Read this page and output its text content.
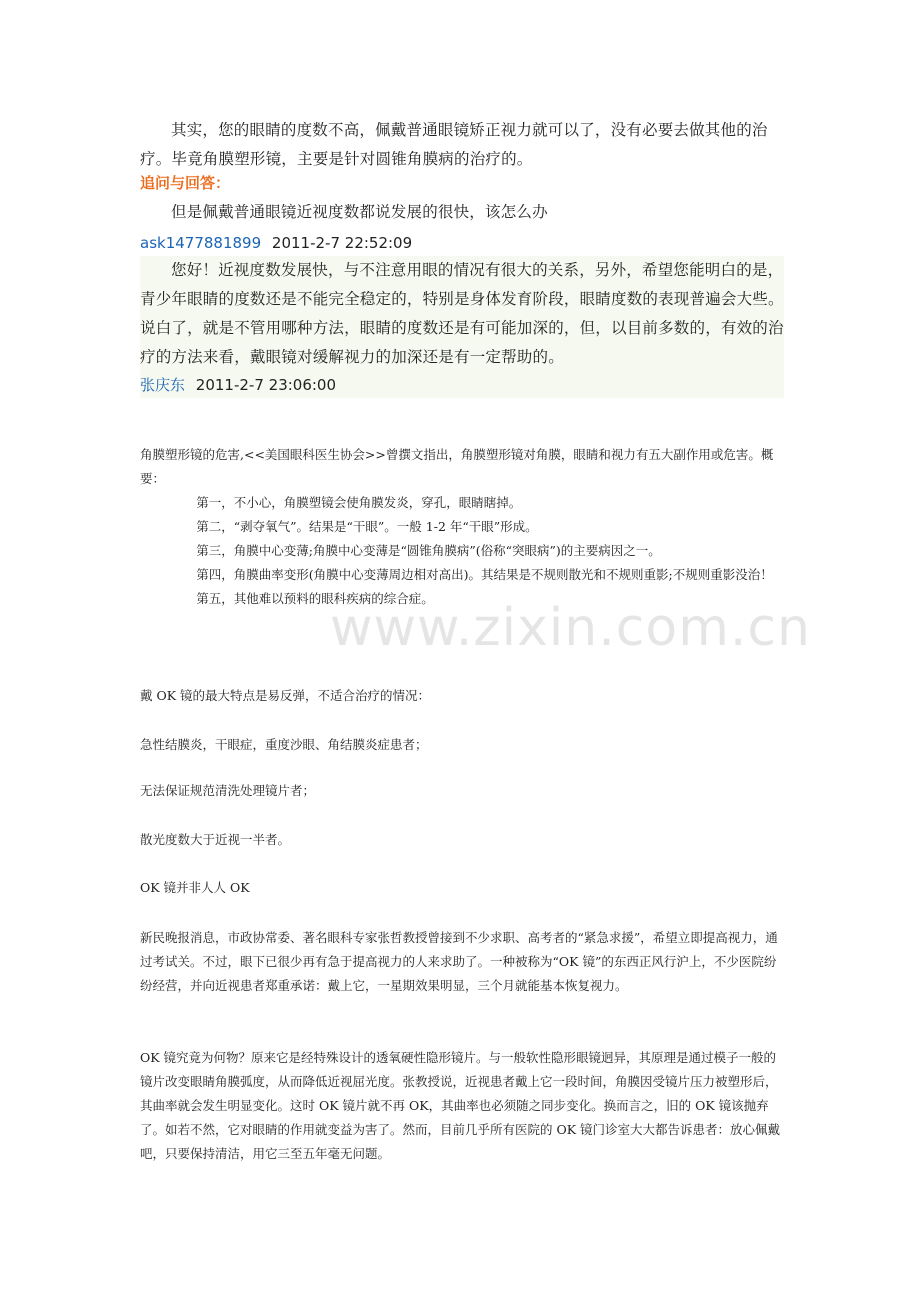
其实，您的眼睛的度数不高，佩戴普通眼镜矫正视力就可以了，没有必要去做其他的治疗。毕竟角膜塑形镜，主要是针对圆锥角膜病的治疗的。

追问与回答：

但是佩戴普通眼镜近视度数都说发展的很快，该怎么办

ask1477881899 2011-2-7 22:52:09

您好！近视度数发展快，与不注意用眼的情况有很大的关系，另外，希望您能明白的是，青少年眼睛的度数还是不能完全稳定的，特别是身体发育阶段，眼睛度数的表现普遍会大些。说白了，就是不管用哪种方法，眼睛的度数还是有可能加深的，但，以目前多数的，有效的治疗的方法来看，戴眼镜对缓解视力的加深还是有一定帮助的。

张庆东 2011-2-7 23:06:00

角膜塑形镜的危害,<<美国眼科医生协会>>曾撰文指出，角膜塑形镜对角膜，眼睛和视力有五大副作用或危害。概要：

第一，不小心，角膜塑镜会使角膜发炎，穿孔，眼睛瞎掉。

第二，“剥夺氧气”。结果是“干眼”。一般 1-2 年“干眼”形成。

第三，角膜中心变薄;角膜中心变薄是“圆锥角膜病”(俗称“突眼病”)的主要病因之一。

第四，角膜曲率变形(角膜中心变薄周边相对高出)。其结果是不规则散光和不规则重影;不规则重影没治！

第五，其他难以预料的眼科疾病的综合症。

戴 OK 镜的最大特点是易反弹，不适合治疗的情况：

急性结膜炎，干眼症，重度沙眼、角结膜炎症患者；

无法保证规范清洗处理镜片者；

散光度数大于近视一半者。

OK 镜并非人人 OK

新民晚报消息，市政协常委、著名眼科专家张哲教授曾接到不少求职、高考者的“紧急求援”，希望立即提高视力，通过考试关。不过，眼下已很少再有急于提高视力的人来求助了。一种被称为“OK 镜”的东西正风行沪上，不少医院纷纷经营，并向近视患者郑重承诺：戴上它，一星期效果明显，三个月就能基本恢复视力。

OK 镜究竟为何物？原来它是经特殊设计的透氧硬性隐形镜片。与一般软性隐形眼镜迥异，其原理是通过模子一般的镜片改变眼睛角膜弧度，从而降低近视屈光度。张教授说，近视患者戴上它一段时间，角膜因受镜片压力被塑形后，其曲率就会发生明显变化。这时 OK 镜片就不再 OK，其曲率也必须随之同步变化。换而言之，旧的 OK 镜该抛弃了。如若不然，它对眼睛的作用就变益为害了。然而，目前几乎所有医院的 OK 镜门诊室大大都告诉患者：放心佩戴吧，只要保持清洁，用它三至五年毫无问题。

www.zixin.com.cn
